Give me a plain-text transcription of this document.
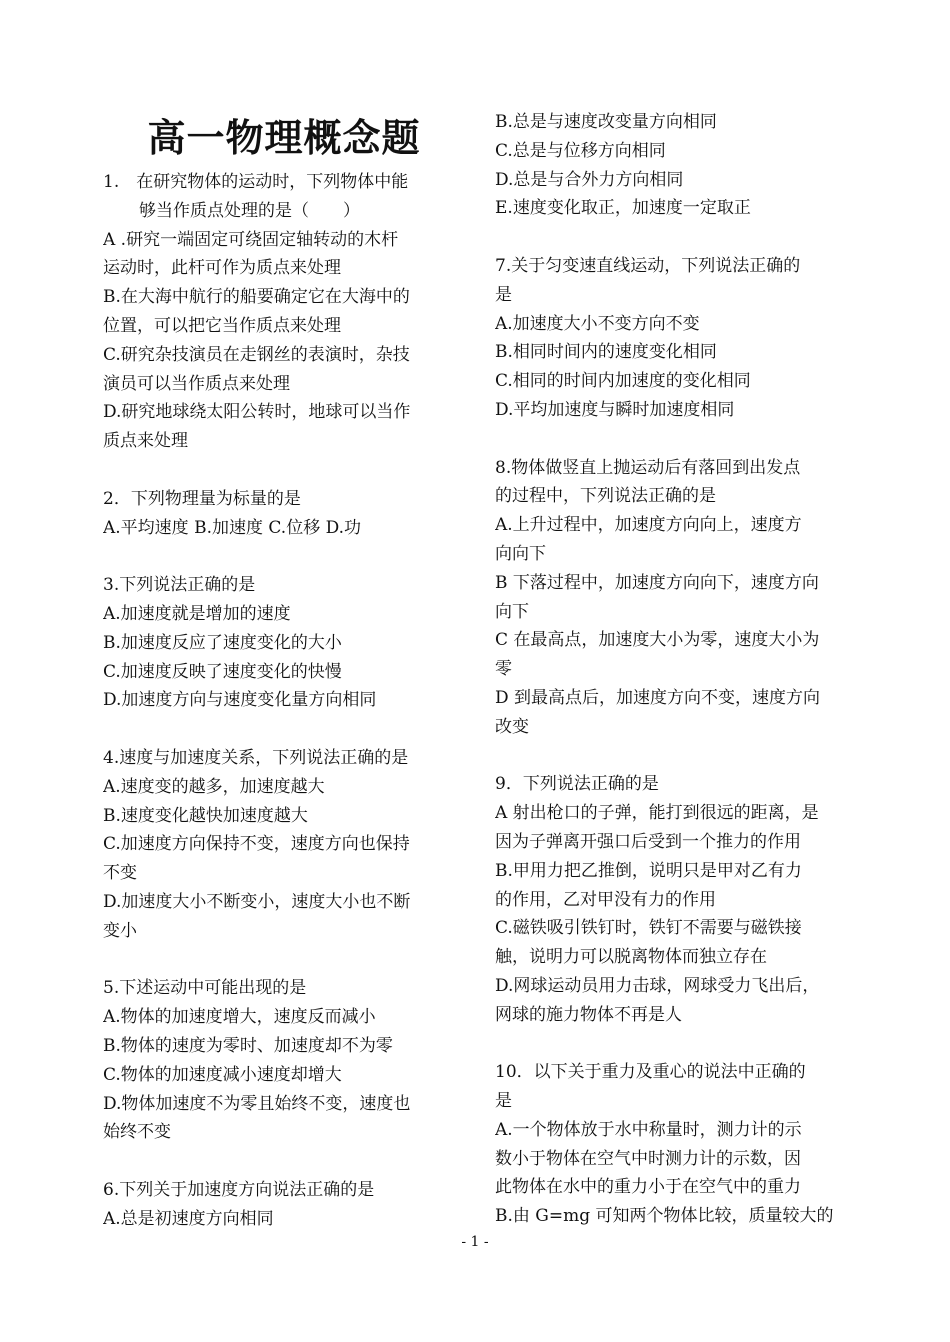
高一物理概念题
1.　在研究物体的运动时，下列物体中能
够当作质点处理的是（　　）
A .研究一端固定可绕固定轴转动的木杆
运动时，此杆可作为质点来处理
B.在大海中航行的船要确定它在大海中的
位置，可以把它当作质点来处理
C.研究杂技演员在走钢丝的表演时，杂技
演员可以当作质点来处理
D.研究地球绕太阳公转时，地球可以当作
质点来处理
2．下列物理量为标量的是
A.平均速度 B.加速度 C.位移 D.功
3.下列说法正确的是
A.加速度就是增加的速度
B.加速度反应了速度变化的大小
C.加速度反映了速度变化的快慢
D.加速度方向与速度变化量方向相同
4.速度与加速度关系，下列说法正确的是
A.速度变的越多，加速度越大
B.速度变化越快加速度越大
C.加速度方向保持不变，速度方向也保持
不变
D.加速度大小不断变小，速度大小也不断
变小
5.下述运动中可能出现的是
A.物体的加速度增大，速度反而减小
B.物体的速度为零时、加速度却不为零
C.物体的加速度减小速度却增大
D.物体加速度不为零且始终不变，速度也
始终不变
6.下列关于加速度方向说法正确的是
A.总是初速度方向相同
B.总是与速度改变量方向相同
C.总是与位移方向相同
D.总是与合外力方向相同
E.速度变化取正，加速度一定取正
7.关于匀变速直线运动，下列说法正确的
是
A.加速度大小不变方向不变
B.相同时间内的速度变化相同
C.相同的时间内加速度的变化相同
D.平均加速度与瞬时加速度相同
8.物体做竖直上抛运动后有落回到出发点
的过程中，下列说法正确的是
A.上升过程中，加速度方向向上，速度方
向向下
B 下落过程中，加速度方向向下，速度方向
向下
C 在最高点，加速度大小为零，速度大小为
零
D 到最高点后，加速度方向不变，速度方向
改变
9．下列说法正确的是
A 射出枪口的子弹，能打到很远的距离，是
因为子弹离开强口后受到一个推力的作用
B.甲用力把乙推倒，说明只是甲对乙有力
的作用，乙对甲没有力的作用
C.磁铁吸引铁钉时，铁钉不需要与磁铁接
触，说明力可以脱离物体而独立存在
D.网球运动员用力击球，网球受力飞出后，
网球的施力物体不再是人
10．以下关于重力及重心的说法中正确的
是
A.一个物体放于水中称量时，测力计的示
数小于物体在空气中时测力计的示数，因
此物体在水中的重力小于在空气中的重力
B.由 G=mg 可知两个物体比较，质量较大的
- 1 -
